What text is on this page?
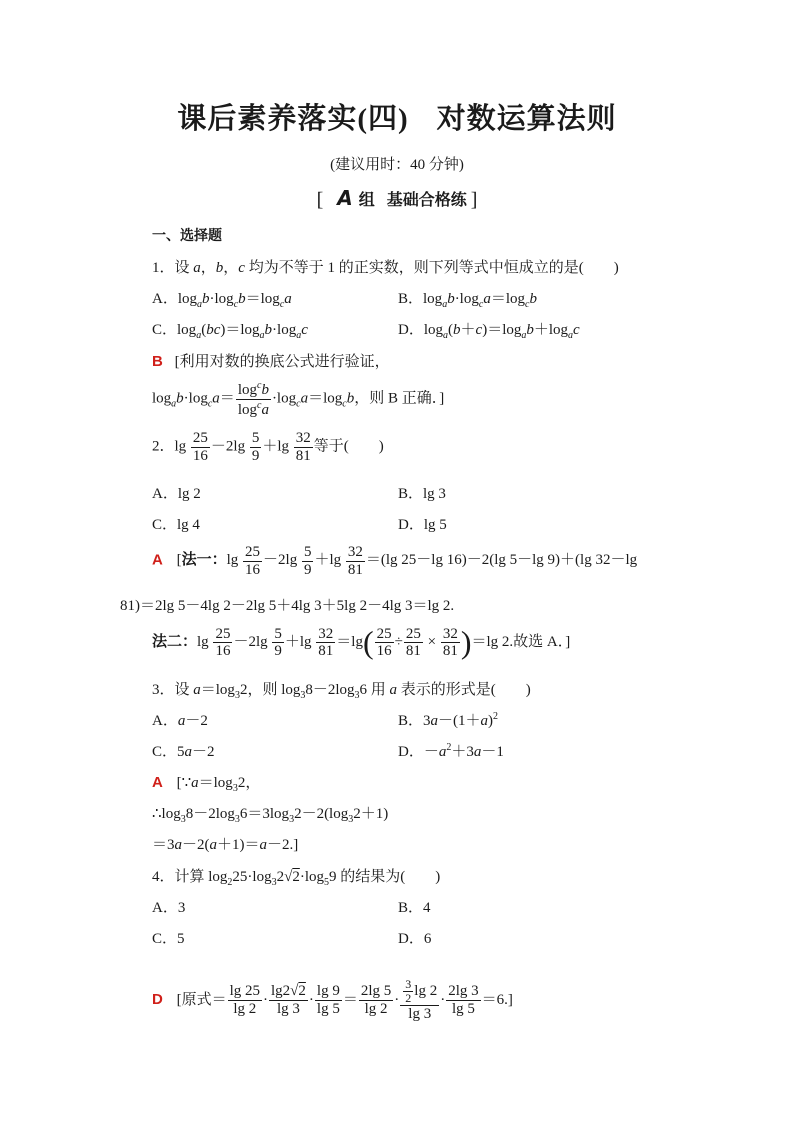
课后素养落实(四) 对数运算法则
(建议用时：40 分钟)
[ A 组 基础合格练 ]
一、选择题
1．设 a，b，c 均为不等于 1 的正实数，则下列等式中恒成立的是(　　)
A．$\log_ab\cdot\log_cb=\log_ca$	B．$\log_ab\cdot\log_ca=\log_cb$
C．$\log_a(bc)=\log_ab\cdot\log_ac$	D．$\log_a(b+c)=\log_ab+\log_ac$
B [利用对数的换底公式进行验证，
$\log_ab\cdot\log_ca= \frac{\log^cb}{\log^ca} \cdot\log_ca=\log_cb$，则 B 正确．]
2．$\lg \frac{25}{16} -2\lg \frac{5}{9} +\lg \frac{32}{81}$ 等于(　　)
A．lg 2	B．lg 3
C．lg 4	D．lg 5
A [法一：$\lg \frac{25}{16} -2\lg \frac{5}{9} +\lg \frac{32}{81} =(\lg$ 25－lg 16)－2(lg 5－lg 9)＋(lg 32－lg
81)＝2lg 5－4lg 2－2lg 5＋4lg 3＋5lg 2－4lg 3＝lg 2.
法二：$\lg \frac{25}{16} -2\lg \frac{5}{9} +\lg \frac{32}{81} =\lg( \frac{25}{16} \div \frac{25}{81} \times \frac{32}{81} )=\lg$ 2.故选 A．]
3．设 $a=\log_32$，则 $\log_38-2\log_36$ 用 a 表示的形式是(　　)
A．a－2	B．$3a-(1+a)^2$
C．5a－2	D．$-a^2+3a-1$
A [$\because a=\log_32$，
$\therefore\log_38-2\log_36=3\log_32-2(\log_32+1)$
＝3a－2(a＋1)＝a－2.]
4．计算 $\log_225\cdot\log_32√2\cdot\log_59$ 的结果为(　　)
A．3	B．4
C．5	D．6
D [原式＝ $\frac{\lg 25}{\lg 2} \cdot \frac{\lg 2√2}{\lg 3} \cdot \frac{\lg 9}{\lg 5} = \frac{2\lg 5}{\lg 2} \cdot \frac{\frac{3}{2} \lg 2}{\lg 3} \cdot \frac{2\lg 3}{\lg 5} =6$.]
